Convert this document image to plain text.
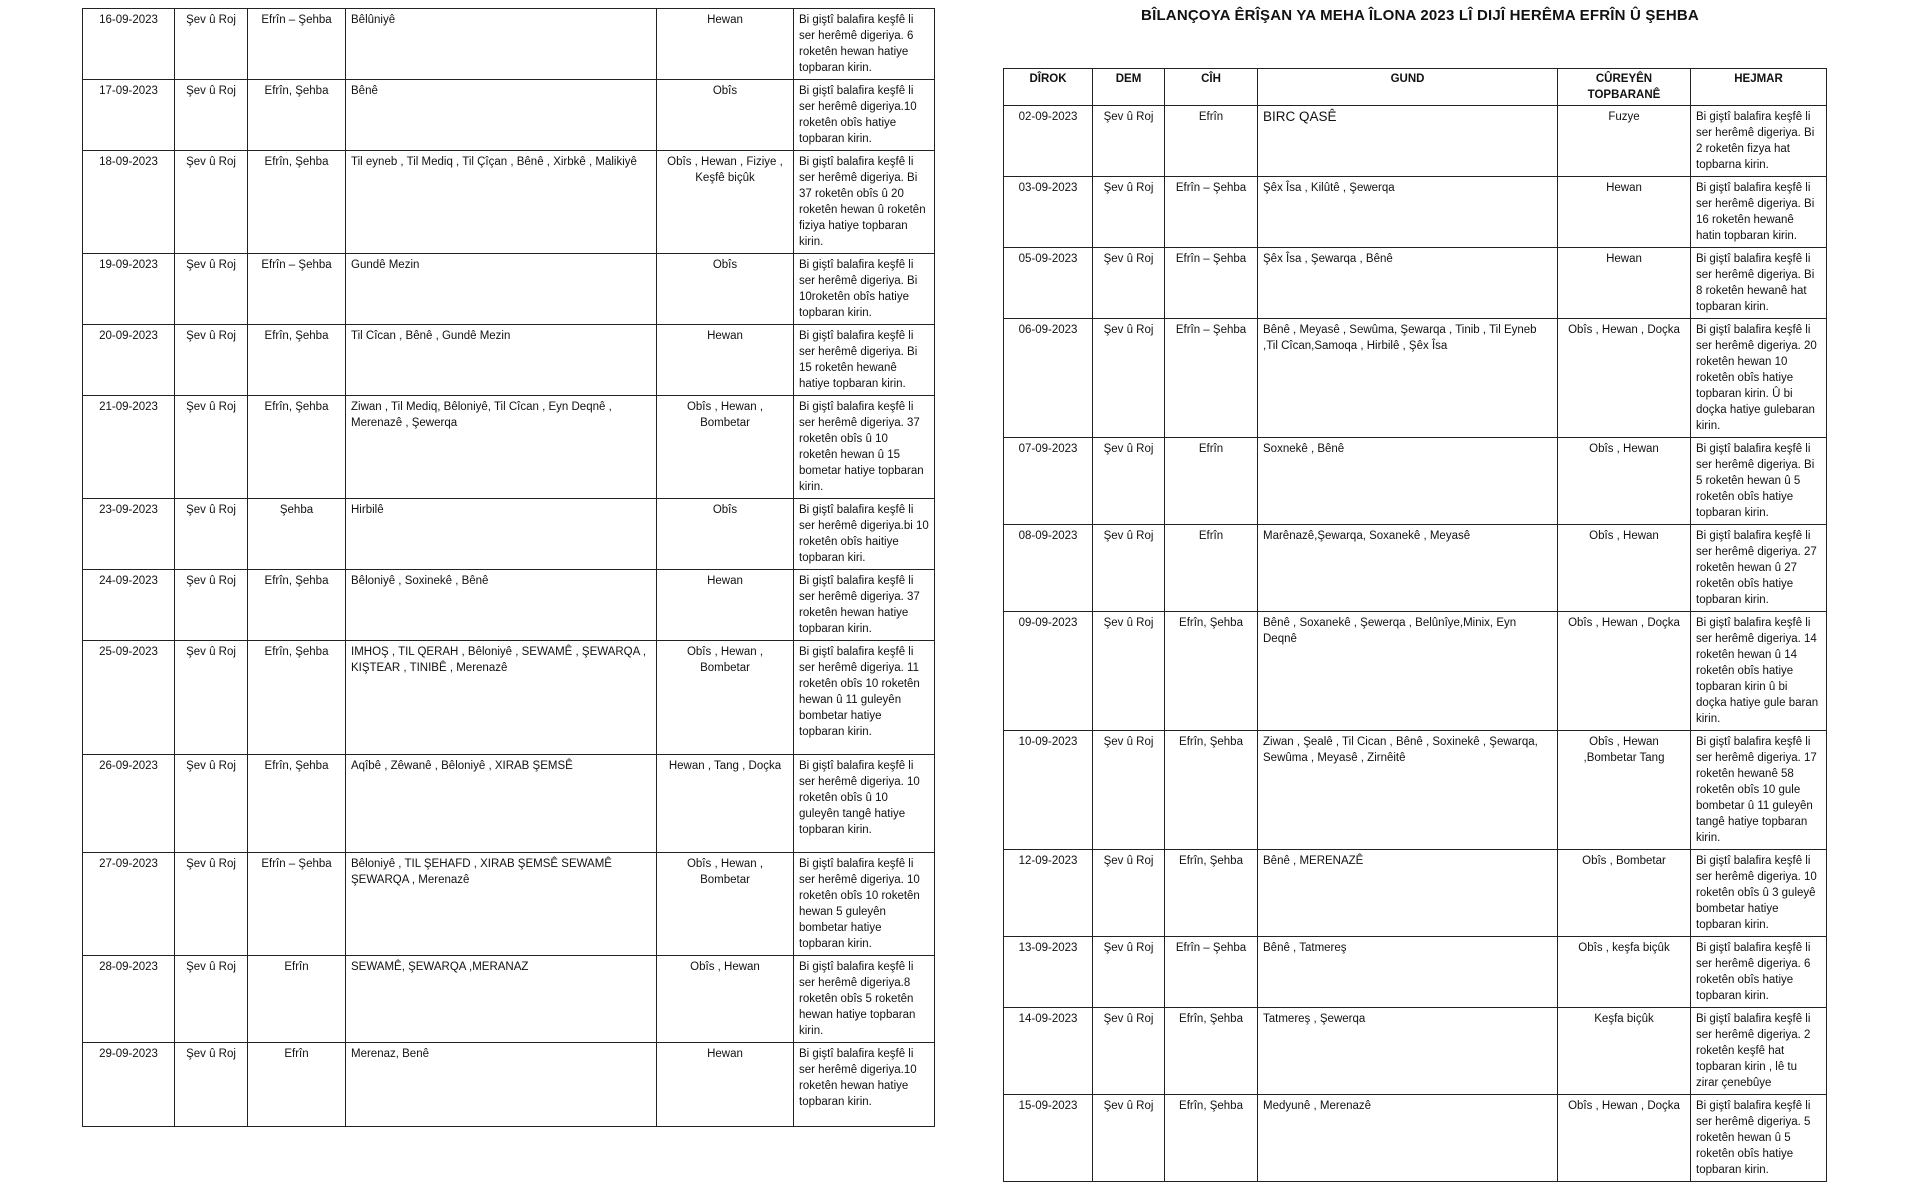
16-09-2023	Şev û Roj	Efrîn – Şehba	Bêlûniyê	Hewan	Bi giştî balafira keşfê li ser herêmê digeriya. 6 roketên hewan hatiye topbaran kirin.
17-09-2023	Şev û Roj	Efrîn, Şehba	Bênê	Obîs	Bi giştî balafira keşfê li ser herêmê digeriya.10 roketên obîs hatiye topbaran kirin.
18-09-2023	Şev û Roj	Efrîn, Şehba	Til eyneb , Til Mediq , Til Çîçan , Bênê , Xirbkê , Malikiyê	Obîs , Hewan , Fiziye , Keşfê biçûk	Bi giştî balafira keşfê li ser herêmê digeriya. Bi 37 roketên obîs û 20 roketên hewan û roketên fiziya hatiye topbaran kirin.
19-09-2023	Şev û Roj	Efrîn – Şehba	Gundê Mezin	Obîs	Bi giştî balafira keşfê li ser herêmê digeriya. Bi 10roketên obîs hatiye topbaran kirin.
20-09-2023	Şev û Roj	Efrîn, Şehba	Til Cîcan , Bênê , Gundê Mezin	Hewan	Bi giştî balafira keşfê li ser herêmê digeriya. Bi 15 roketên hewanê hatiye topbaran kirin.
21-09-2023	Şev û Roj	Efrîn, Şehba	Ziwan , Til Mediq, Bêloniyê, Til Cîcan , Eyn Deqnê , Merenazê , Şewerqa	Obîs , Hewan , Bombetar	Bi giştî balafira keşfê li ser herêmê digeriya. 37 roketên obîs û 10 roketên hewan û 15 bometar hatiye topbaran kirin.
23-09-2023	Şev û Roj	Şehba	Hirbilê	Obîs	Bi giştî balafira keşfê li ser herêmê digeriya.bi 10 roketên obîs haitiye topbaran kiri.
24-09-2023	Şev û Roj	Efrîn, Şehba	Bêloniyê , Soxinekê , Bênê	Hewan	Bi giştî balafira keşfê li ser herêmê digeriya. 37 roketên hewan hatiye topbaran kirin.
25-09-2023	Şev û Roj	Efrîn, Şehba	IMHOŞ , TIL QERAH , Bêloniyê , SEWAMÊ , ŞEWARQA , KIŞTEAR , TINIBÊ , Merenazê	Obîs , Hewan , Bombetar	Bi giştî balafira keşfê li ser herêmê digeriya. 11 roketên obîs 10 roketên hewan û 11 guleyên bombetar hatiye topbaran kirin.
26-09-2023	Şev û Roj	Efrîn, Şehba	Aqîbê , Zêwanê , Bêloniyê , XIRAB ŞEMSÊ	Hewan , Tang , Doçka	Bi giştî balafira keşfê li ser herêmê digeriya. 10 roketên obîs û 10 guleyên tangê hatiye topbaran kirin.
27-09-2023	Şev û Roj	Efrîn – Şehba	Bêloniyê , TIL ŞEHAFD , XIRAB ŞEMSÊ SEWAMÊ ŞEWARQA , Merenazê	Obîs , Hewan , Bombetar	Bi giştî balafira keşfê li ser herêmê digeriya. 10 roketên obîs 10 roketên hewan 5 guleyên bombetar hatiye topbaran kirin.
28-09-2023	Şev û Roj	Efrîn	SEWAMÊ, ŞEWARQA ,MERANAZ	Obîs , Hewan	Bi giştî balafira keşfê li ser herêmê digeriya.8 roketên obîs 5 roketên hewan hatiye topbaran kirin.
29-09-2023	Şev û Roj	Efrîn	Merenaz, Benê	Hewan	Bi giştî balafira keşfê li ser herêmê digeriya.10 roketên hewan hatiye topbaran kirin.
BÎLANÇOYA ÊRÎŞAN YA MEHA ÎLONA 2023 LÎ DIJÎ HERÊMA EFRÎN Û ŞEHBA
DÎROK	DEM	CÎH	GUND	CÛREYÊN TOPBARANÊ	HEJMAR
02-09-2023	Şev û Roj	Efrîn	BIRC QASÊ	Fuzye	Bi giştî balafira keşfê li ser herêmê digeriya. Bi 2 roketên fizya hat topbarna kirin.
03-09-2023	Şev û Roj	Efrîn – Şehba	Şêx Îsa , Kilûtê , Şewerqa	Hewan	Bi giştî balafira keşfê li ser herêmê digeriya. Bi 16 roketên hewanê hatin topbaran kirin.
05-09-2023	Şev û Roj	Efrîn – Şehba	Şêx Îsa , Şewarqa , Bênê	Hewan	Bi giştî balafira keşfê li ser herêmê digeriya. Bi 8 roketên hewanê hat topbaran kirin.
06-09-2023	Şev û Roj	Efrîn – Şehba	Bênê , Meyasê , Sewûma, Şewarqa , Tinib , Til Eyneb ,Til Cîcan,Samoqa , Hirbilê , Şêx Îsa	Obîs , Hewan , Doçka	Bi giştî balafira keşfê li ser herêmê digeriya. 20 roketên hewan 10 roketên obîs hatiye topbaran kirin. Û bi doçka hatiye gulebaran kirin.
07-09-2023	Şev û Roj	Efrîn	Soxnekê , Bênê	Obîs , Hewan	Bi giştî balafira keşfê li ser herêmê digeriya. Bi 5 roketên hewan û 5 roketên obîs hatiye topbaran kirin.
08-09-2023	Şev û Roj	Efrîn	Marênazê,Şewarqa, Soxanekê , Meyasê	Obîs , Hewan	Bi giştî balafira keşfê li ser herêmê digeriya. 27 roketên hewan û 27 roketên obîs hatiye topbaran kirin.
09-09-2023	Şev û Roj	Efrîn, Şehba	Bênê , Soxanekê , Şewerqa , Belûnîye,Minix, Eyn Deqnê	Obîs , Hewan , Doçka	Bi giştî balafira keşfê li ser herêmê digeriya. 14 roketên hewan û 14 roketên obîs hatiye topbaran kirin û bi doçka hatiye gule baran kirin.
10-09-2023	Şev û Roj	Efrîn, Şehba	Ziwan , Şealê , Til Cican , Bênê , Soxinekê , Şewarqa, Sewûma , Meyasê , Zirnêitê	Obîs , Hewan ,Bombetar Tang	Bi giştî balafira keşfê li ser herêmê digeriya. 17 roketên hewanê 58 roketên obîs 10 gule bombetar û 11 guleyên tangê hatiye topbaran kirin.
12-09-2023	Şev û Roj	Efrîn, Şehba	Bênê , MERENAZÊ	Obîs , Bombetar	Bi giştî balafira keşfê li ser herêmê digeriya. 10 roketên obîs û 3 guleyê bombetar hatiye topbaran kirin.
13-09-2023	Şev û Roj	Efrîn – Şehba	Bênê , Tatmereş	Obîs , keşfa biçûk	Bi giştî balafira keşfê li ser herêmê digeriya. 6 roketên obîs hatiye topbaran kirin.
14-09-2023	Şev û Roj	Efrîn, Şehba	Tatmereş , Şewerqa	Keşfa biçûk	Bi giştî balafira keşfê li ser herêmê digeriya. 2 roketên keşfê hat topbaran kirin , lê tu zirar çenebûye
15-09-2023	Şev û Roj	Efrîn, Şehba	Medyunê , Merenazê	Obîs , Hewan , Doçka	Bi giştî balafira keşfê li ser herêmê digeriya. 5 roketên hewan û 5 roketên obîs hatiye topbaran kirin.
